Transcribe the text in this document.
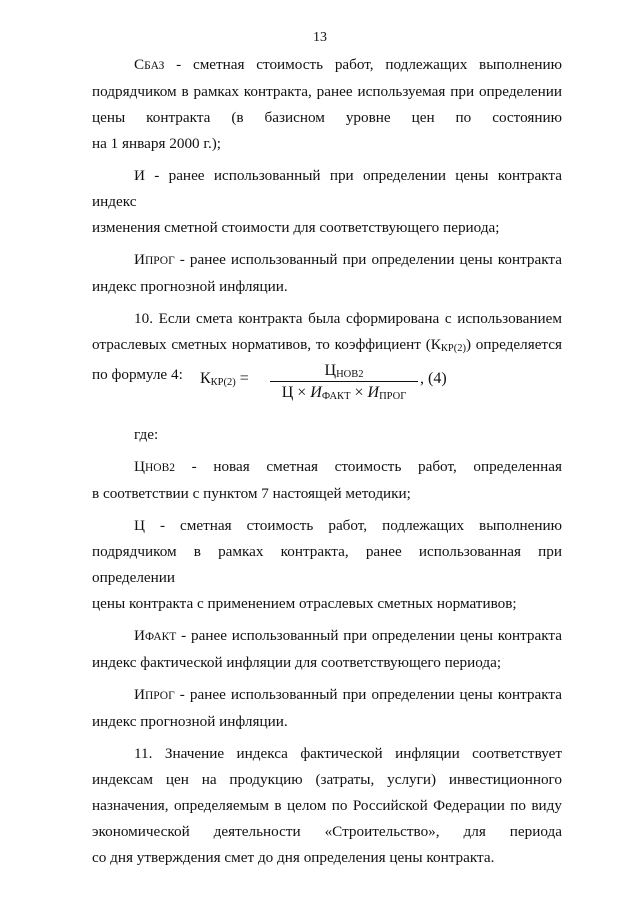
13

СБАЗ - сметная стоимость работ, подлежащих выполнению

подрядчиком в рамках контракта, ранее используемая при определении

цены контракта (в базисном уровне цен по состоянию

на 1 января 2000 г.);

И - ранее использованный при определении цены контракта индекс

изменения сметной стоимости для соответствующего периода;

ИПРОГ - ранее использованный при определении цены контракта

индекс прогнозной инфляции.

10. Если смета контракта была сформирована с использованием

отраслевых сметных нормативов, то коэффициент (ККР(2)) определяется

по формуле 4:	ККР(2) =	ЦНОВ2
Ц × ИФАКТ × ИПРОГ
, (4)

где:

ЦНОВ2 - новая сметная стоимость работ, определенная

в соответствии с пунктом 7 настоящей методики;

Ц - сметная стоимость работ, подлежащих выполнению

подрядчиком в рамках контракта, ранее использованная при определении

цены контракта с применением отраслевых сметных нормативов;

ИФАКТ - ранее использованный при определении цены контракта

индекс фактической инфляции для соответствующего периода;

ИПРОГ - ранее использованный при определении цены контракта

индекс прогнозной инфляции.

11. Значение индекса фактической инфляции соответствует

индексам цен на продукцию (затраты, услуги) инвестиционного

назначения, определяемым в целом по Российской Федерации по виду

экономической деятельности «Строительство», для периода

со дня утверждения смет до дня определения цены контракта.
